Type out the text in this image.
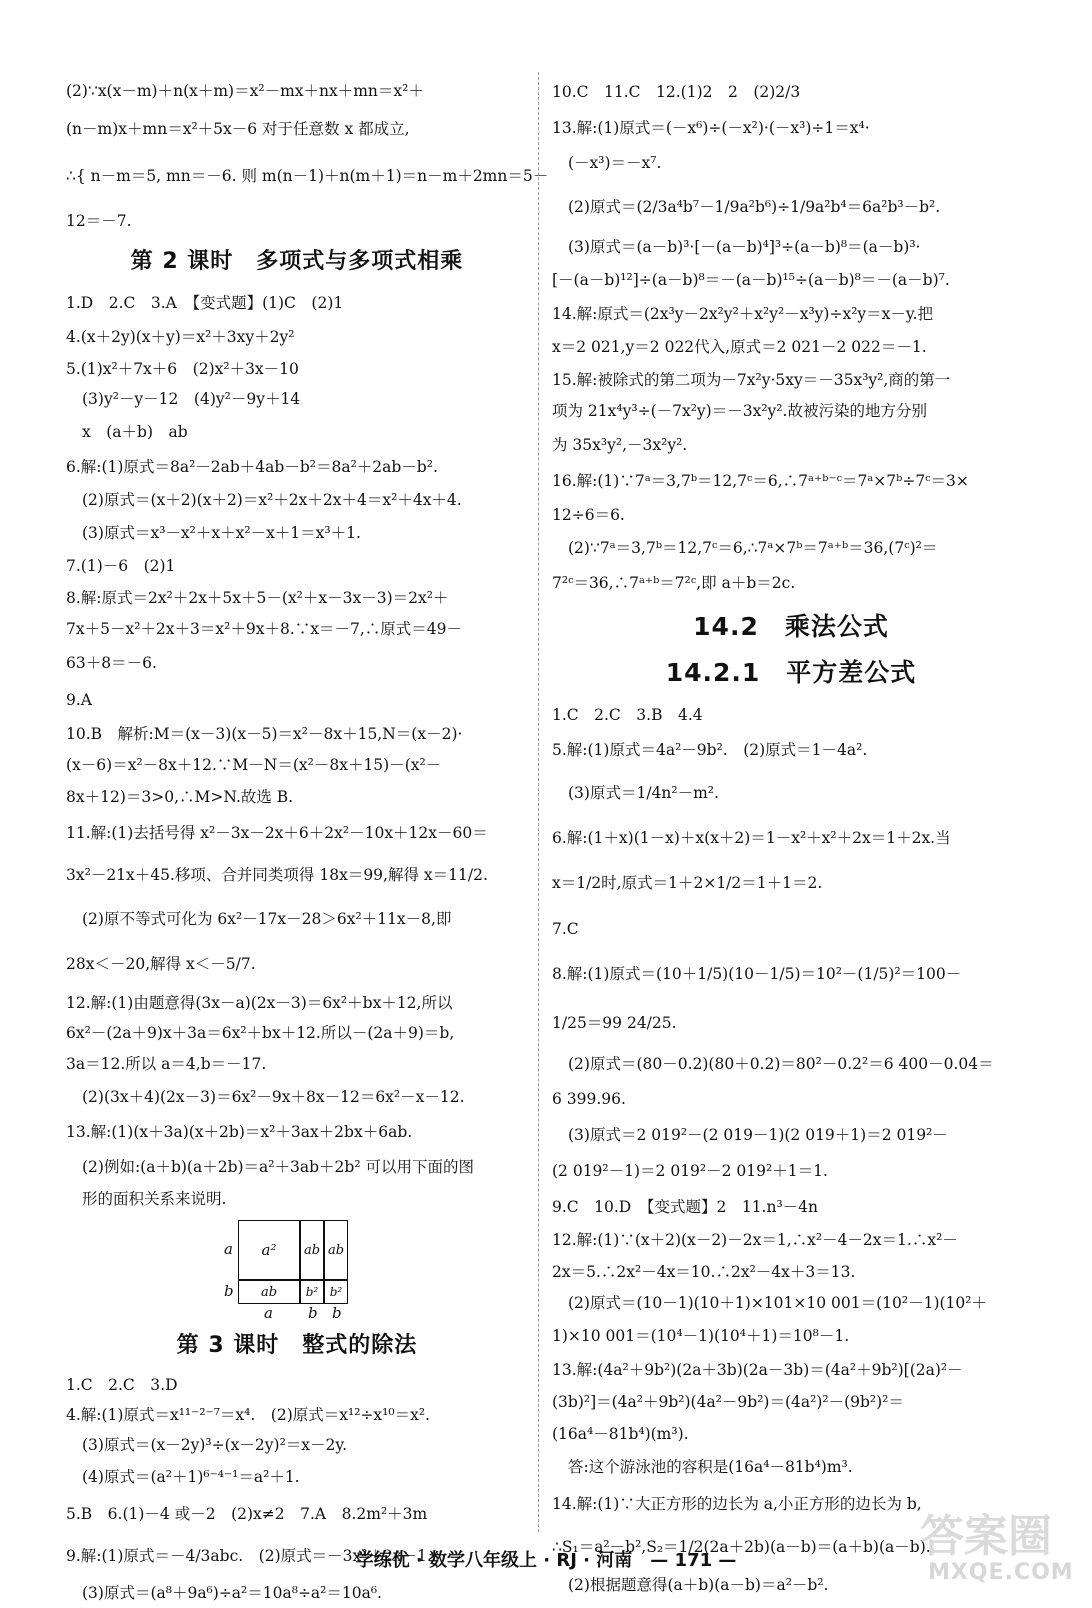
(2)∵x(x－m)＋n(x＋m)＝x²－mx＋nx＋mn＝x²＋
(n－m)x＋mn＝x²＋5x－6 对于任意数 x 都成立,
∴{ n－m＝5, mn＝－6. 则 m(n－1)＋n(m＋1)＝n－m＋2mn＝5－
12＝－7.
第 2 课时　多项式与多项式相乘
1.D　2.C　3.A　【变式题】(1)C　(2)1
4.(x＋2y)(x＋y)＝x²＋3xy＋2y²
5.(1)x²＋7x＋6　(2)x²＋3x－10
(3)y²－y－12　(4)y²－9y＋14
x　(a＋b)　ab
6.解:(1)原式＝8a²－2ab＋4ab－b²＝8a²＋2ab－b².
(2)原式＝(x＋2)(x＋2)＝x²＋2x＋2x＋4＝x²＋4x＋4.
(3)原式＝x³－x²＋x＋x²－x＋1＝x³＋1.
7.(1)－6　(2)1
8.解:原式＝2x²＋2x＋5x＋5－(x²＋x－3x－3)＝2x²＋
7x＋5－x²＋2x＋3＝x²＋9x＋8.∵x＝－7,∴原式＝49－
63＋8＝－6.
9.A
10.B　解析:M＝(x－3)(x－5)＝x²－8x＋15,N＝(x－2)·
(x－6)＝x²－8x＋12.∵M－N＝(x²－8x＋15)－(x²－
8x＋12)＝3>0,∴M>N.故选 B.
11.解:(1)去括号得 x²－3x－2x＋6＋2x²－10x＋12x－60＝
3x²－21x＋45.移项、合并同类项得 18x＝99,解得 x＝11/2.
(2)原不等式可化为 6x²－17x－28＞6x²＋11x－8,即
28x＜－20,解得 x＜－5/7.
12.解:(1)由题意得(3x－a)(2x－3)＝6x²＋bx＋12,所以
6x²－(2a＋9)x＋3a＝6x²＋bx＋12.所以－(2a＋9)＝b,
3a＝12.所以 a＝4,b＝－17.
(2)(3x＋4)(2x－3)＝6x²－9x＋8x－12＝6x²－x－12.
13.解:(1)(x＋3a)(x＋2b)＝x²＋3ax＋2bx＋6ab.
(2)例如:(a＋b)(a＋2b)＝a²＋3ab＋2b² 可以用下面的图
形的面积关系来说明.
a²	ab ab
ab	b² b²
a
b
a b b
第 3 课时　整式的除法
1.C　2.C　3.D
4.解:(1)原式＝x¹¹⁻²⁻⁷＝x⁴.　(2)原式＝x¹²÷x¹⁰＝x².
(3)原式＝(x－2y)³÷(x－2y)²＝x－2y.
(4)原式＝(a²＋1)⁶⁻⁴⁻¹＝a²＋1.
5.B　6.(1)－4 或－2　(2)x≠2　7.A　8.2m²＋3m
9.解:(1)原式＝－4/3abc.　(2)原式＝－3x²＋2x－1.
(3)原式＝(a⁸＋9a⁶)÷a²＝10a⁸÷a²＝10a⁶.
10.C　11.C　12.(1)2　2　(2)2/3
13.解:(1)原式＝(－x⁶)÷(－x²)·(－x³)÷1＝x⁴·
(－x³)＝－x⁷.
(2)原式＝(2/3a⁴b⁷－1/9a²b⁶)÷1/9a²b⁴＝6a²b³－b².
(3)原式＝(a－b)³·[－(a－b)⁴]³÷(a－b)⁸＝(a－b)³·
[－(a－b)¹²]÷(a－b)⁸＝－(a－b)¹⁵÷(a－b)⁸＝－(a－b)⁷.
14.解:原式＝(2x³y－2x²y²＋x²y²－x³y)÷x²y＝x－y.把
x＝2 021,y＝2 022代入,原式＝2 021－2 022＝－1.
15.解:被除式的第二项为－7x²y·5xy＝－35x³y²,商的第一
项为 21x⁴y³÷(－7x²y)＝－3x²y².故被污染的地方分别
为 35x³y²,－3x²y².
16.解:(1)∵7ᵃ＝3,7ᵇ＝12,7ᶜ＝6,∴7ᵃ⁺ᵇ⁻ᶜ＝7ᵃ×7ᵇ÷7ᶜ＝3×
12÷6＝6.
(2)∵7ᵃ＝3,7ᵇ＝12,7ᶜ＝6,∴7ᵃ×7ᵇ＝7ᵃ⁺ᵇ＝36,(7ᶜ)²＝
7²ᶜ＝36,∴7ᵃ⁺ᵇ＝7²ᶜ,即 a＋b＝2c.
14.2　乘法公式
14.2.1　平方差公式
1.C　2.C　3.B　4.4
5.解:(1)原式＝4a²－9b².　(2)原式＝1－4a².
(3)原式＝1/4n²－m².
6.解:(1＋x)(1－x)＋x(x＋2)＝1－x²＋x²＋2x＝1＋2x.当
x＝1/2时,原式＝1＋2×1/2＝1＋1＝2.
7.C
8.解:(1)原式＝(10＋1/5)(10－1/5)＝10²－(1/5)²＝100－
1/25＝99 24/25.
(2)原式＝(80－0.2)(80＋0.2)＝80²－0.2²＝6 400－0.04＝
6 399.96.
(3)原式＝2 019²－(2 019－1)(2 019＋1)＝2 019²－
(2 019²－1)＝2 019²－2 019²＋1＝1.
9.C　10.D　【变式题】2　11.n³－4n
12.解:(1)∵(x＋2)(x－2)－2x＝1,∴x²－4－2x＝1.∴x²－
2x＝5.∴2x²－4x＝10.∴2x²－4x＋3＝13.
(2)原式＝(10－1)(10＋1)×101×10 001＝(10²－1)(10²＋
1)×10 001＝(10⁴－1)(10⁴＋1)＝10⁸－1.
13.解:(4a²＋9b²)(2a＋3b)(2a－3b)＝(4a²＋9b²)[(2a)²－
(3b)²]＝(4a²＋9b²)(4a²－9b²)＝(4a²)²－(9b²)²＝
(16a⁴－81b⁴)(m³).
答:这个游泳池的容积是(16a⁴－81b⁴)m³.
14.解:(1)∵大正方形的边长为 a,小正方形的边长为 b,
∴S₁＝a²－b²,S₂＝1/2(2a＋2b)(a－b)＝(a＋b)(a－b).
(2)根据题意得(a＋b)(a－b)＝a²－b².
学练优 · 数学八年级上 · RJ · 河南　— 171 —	答案圈
MXQE.COM
